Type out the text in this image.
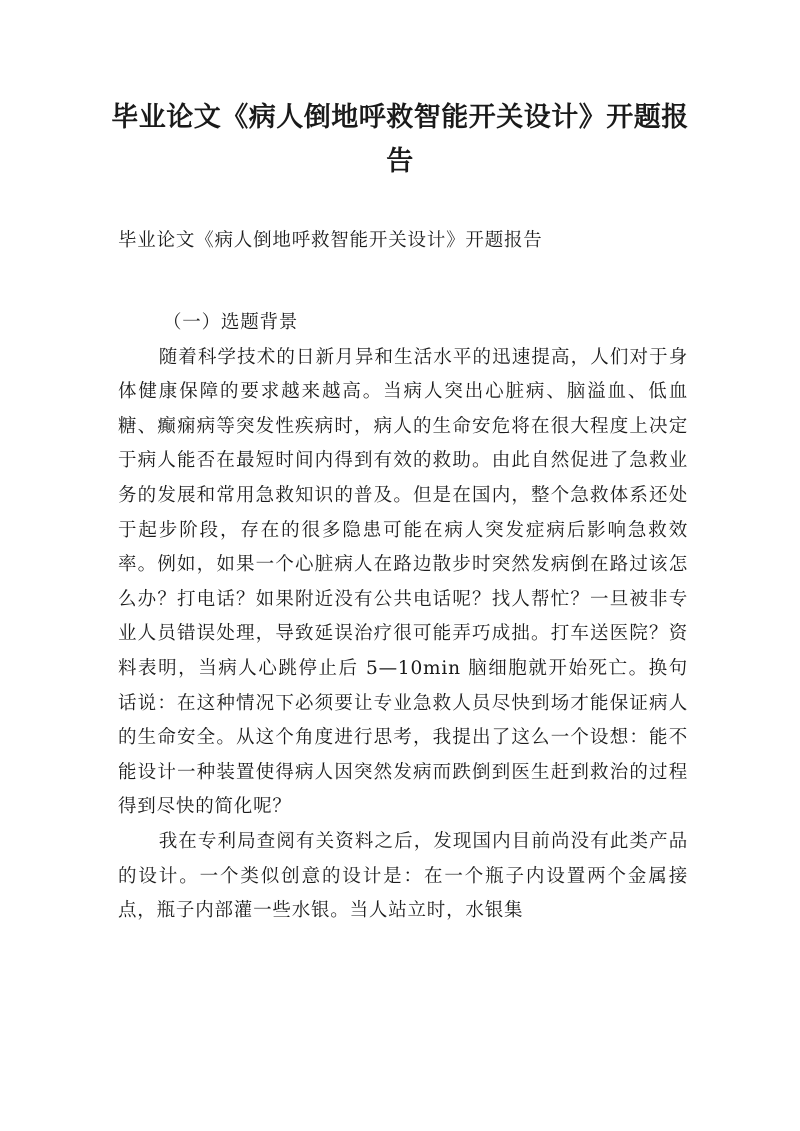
毕业论文《病人倒地呼救智能开关设计》开题报告

毕业论文《病人倒地呼救智能开关设计》开题报告

（一）选题背景

随着科学技术的日新月异和生活水平的迅速提高，人们对于身体健康保障的要求越来越高。当病人突出心脏病、脑溢血、低血糖、癫痫病等突发性疾病时，病人的生命安危将在很大程度上决定于病人能否在最短时间内得到有效的救助。由此自然促进了急救业务的发展和常用急救知识的普及。但是在国内，整个急救体系还处于起步阶段，存在的很多隐患可能在病人突发症病后影响急救效率。例如，如果一个心脏病人在路边散步时突然发病倒在路过该怎么办？打电话？如果附近没有公共电话呢？找人帮忙？一旦被非专业人员错误处理，导致延误治疗很可能弄巧成拙。打车送医院？资料表明，当病人心跳停止后 5—10min 脑细胞就开始死亡。换句话说：在这种情况下必须要让专业急救人员尽快到场才能保证病人的生命安全。从这个角度进行思考，我提出了这么一个设想：能不能设计一种装置使得病人因突然发病而跌倒到医生赶到救治的过程得到尽快的简化呢？

我在专利局查阅有关资料之后，发现国内目前尚没有此类产品的设计。一个类似创意的设计是：在一个瓶子内设置两个金属接点，瓶子内部灌一些水银。当人站立时，水银集
